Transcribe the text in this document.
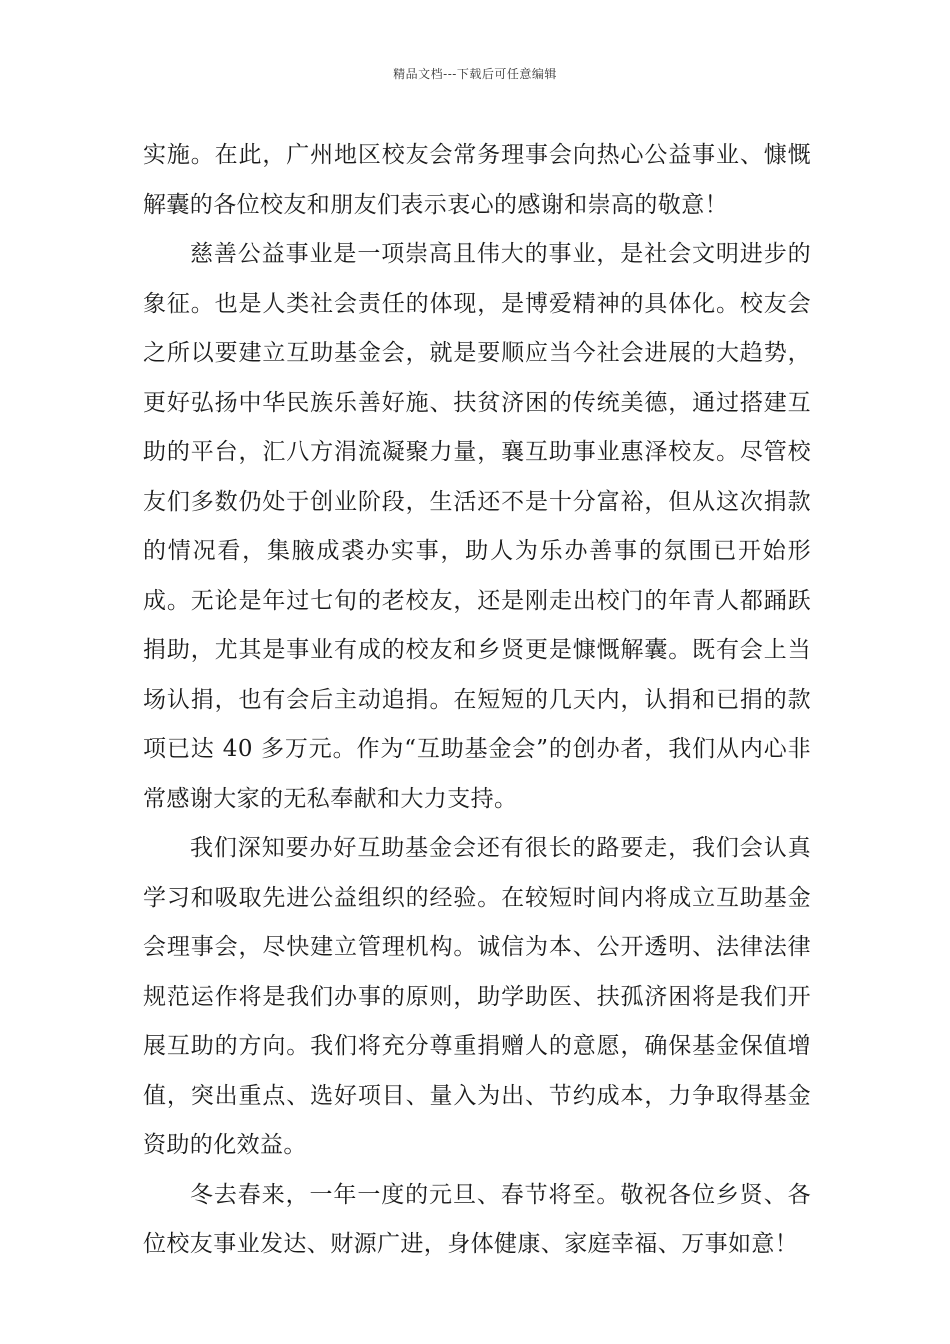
精品文档---下载后可任意编辑

实施。在此，广州地区校友会常务理事会向热心公益事业、慷慨解囊的各位校友和朋友们表示衷心的感谢和崇高的敬意！

慈善公益事业是一项崇高且伟大的事业，是社会文明进步的象征。也是人类社会责任的体现，是博爱精神的具体化。校友会之所以要建立互助基金会，就是要顺应当今社会进展的大趋势，更好弘扬中华民族乐善好施、扶贫济困的传统美德，通过搭建互助的平台，汇八方涓流凝聚力量，襄互助事业惠泽校友。尽管校友们多数仍处于创业阶段，生活还不是十分富裕，但从这次捐款的情况看，集腋成裘办实事，助人为乐办善事的氛围已开始形成。无论是年过七旬的老校友，还是刚走出校门的年青人都踊跃捐助，尤其是事业有成的校友和乡贤更是慷慨解囊。既有会上当场认捐，也有会后主动追捐。在短短的几天内，认捐和已捐的款项已达 40 多万元。作为“互助基金会”的创办者，我们从内心非常感谢大家的无私奉献和大力支持。

我们深知要办好互助基金会还有很长的路要走，我们会认真学习和吸取先进公益组织的经验。在较短时间内将成立互助基金会理事会，尽快建立管理机构。诚信为本、公开透明、法律法律规范运作将是我们办事的原则，助学助医、扶孤济困将是我们开展互助的方向。我们将充分尊重捐赠人的意愿，确保基金保值增值，突出重点、选好项目、量入为出、节约成本，力争取得基金资助的化效益。

冬去春来，一年一度的元旦、春节将至。敬祝各位乡贤、各位校友事业发达、财源广进，身体健康、家庭幸福、万事如意！
